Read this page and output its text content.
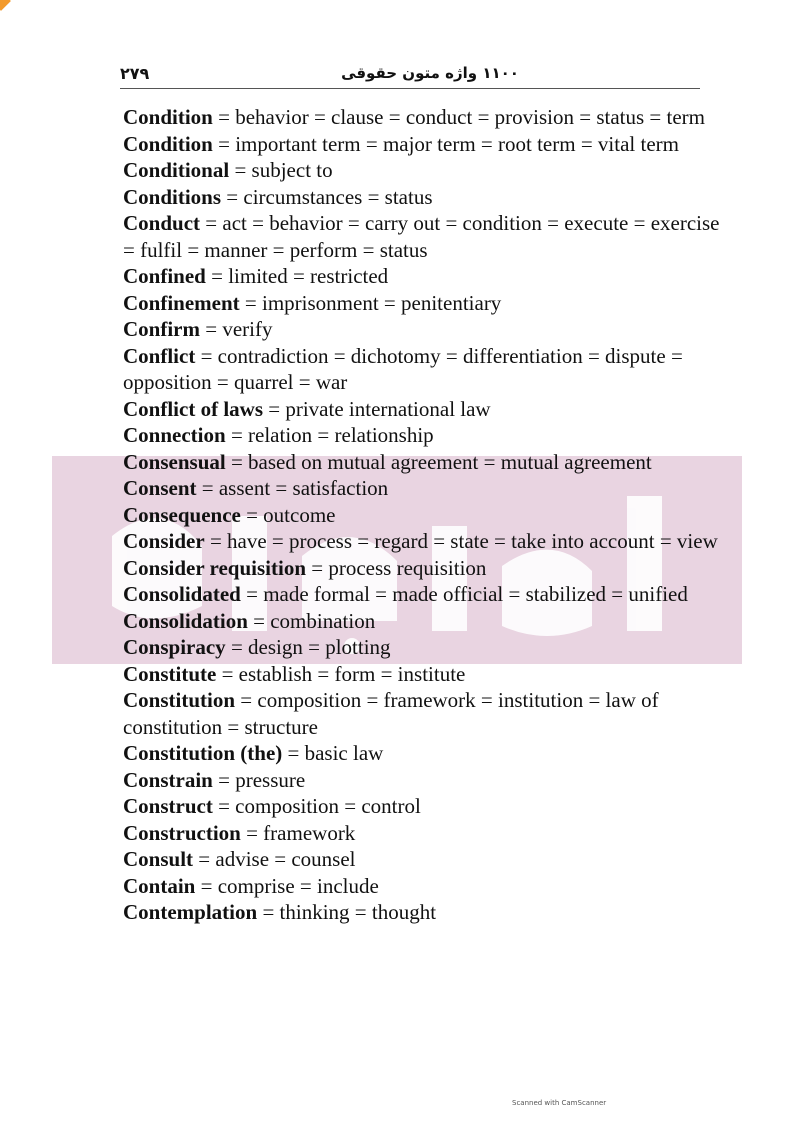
۲۷۹	۱۱۰۰ واژه متون حقوقی

Condition = behavior = clause = conduct = provision = status = term

Condition = important term = major term = root term = vital term

Conditional = subject to

Conditions = circumstances = status

Conduct = act = behavior = carry out = condition = execute = exercise = fulfil = manner = perform = status

Confined = limited = restricted

Confinement = imprisonment = penitentiary

Confirm = verify

Conflict = contradiction = dichotomy = differentiation = dispute = opposition = quarrel = war

Conflict of laws = private international law

Connection = relation = relationship

Consensual = based on mutual agreement = mutual agreement

Consent = assent = satisfaction

Consequence = outcome

Consider = have = process = regard = state = take into account = view

Consider requisition = process requisition

Consolidated = made formal = made official = stabilized = unified

Consolidation = combination

Conspiracy = design = plotting

Constitute = establish = form = institute

Constitution = composition = framework = institution = law of constitution = structure

Constitution (the) = basic law

Constrain = pressure

Construct = composition = control

Construction = framework

Consult = advise = counsel

Contain = comprise = include

Contemplation = thinking = thought

Scanned with CamScanner
